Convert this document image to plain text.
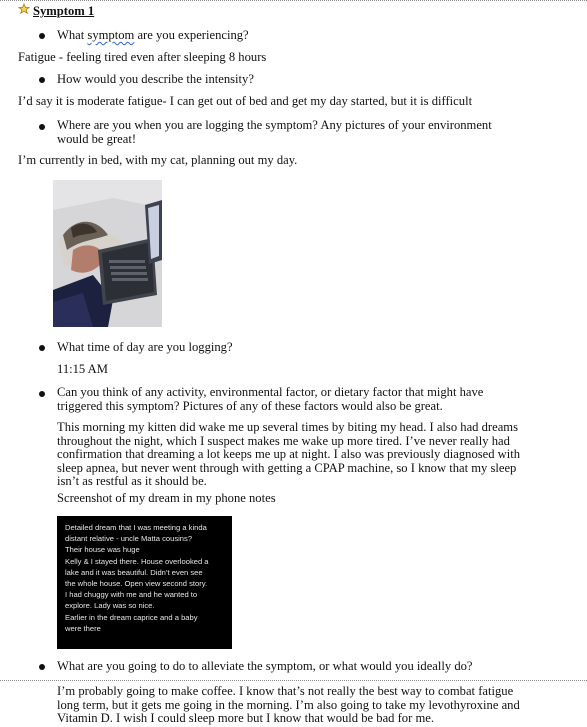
Symptom 1
What symptom are you experiencing?
Fatigue - feeling tired even after sleeping 8 hours
How would you describe the intensity?
I’d say it is moderate fatigue- I can get out of bed and get my day started, but it is difficult
Where are you when you are logging the symptom? Any pictures of your environment would be great!
I’m currently in bed, with my cat, planning out my day.
What time of day are you logging?
11:15 AM
Can you think of any activity, environmental factor, or dietary factor that might have triggered this symptom? Pictures of any of these factors would also be great.
This morning my kitten did wake me up several times by biting my head. I also had dreams throughout the night, which I suspect makes me wake up more tired. I’ve never really had confirmation that dreaming a lot keeps me up at night. I also was previously diagnosed with sleep apnea, but never went through with getting a CPAP machine, so I know that my sleep isn’t as restful as it should be.
Screenshot of my dream in my phone notes
Detailed dream that I was meeting a kinda
distant relative - uncle Matta cousins?
Their house was huge
Kelly & I stayed there. House overlooked a
lake and it was beautiful. Didn’t even see
the whole house. Open view second story.
I had chuggy with me and he wanted to
explore. Lady was so nice.
Earlier in the dream caprice and a baby
were there
What are you going to do to alleviate the symptom, or what would you ideally do?
I’m probably going to make coffee. I know that’s not really the best way to combat fatigue long term, but it gets me going in the morning. I’m also going to take my levothyroxine and Vitamin D. I wish I could sleep more but I know that would be bad for me.
